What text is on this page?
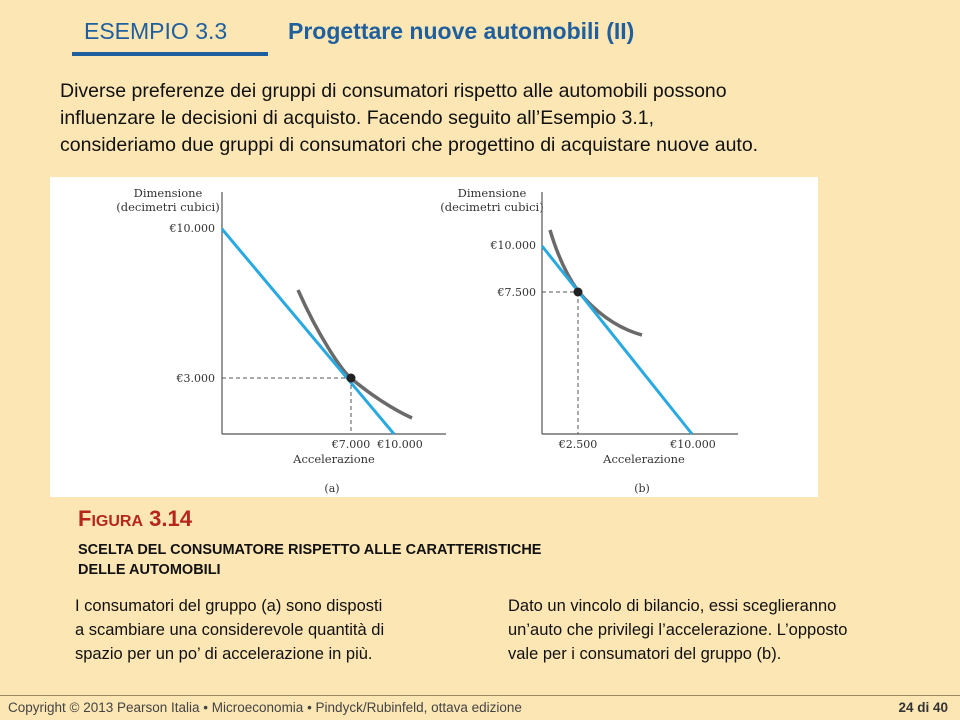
ESEMPIO 3.3	Progettare nuove automobili (II)
Diverse preferenze dei gruppi di consumatori rispetto alle automobili possono
influenzare le decisioni di acquisto. Facendo seguito all’Esempio 3.1,
consideriamo due gruppi di consumatori che progettino di acquistare nuove auto.
Dimensione
(decimetri cubici)
€10.000
€3.000
€7.000 €10.000
Accelerazione
(a)
Dimensione
(decimetri cubici)
€10.000
€7.500
€2.500	€10.000
Accelerazione
(b)
FIGURA 3.14
SCELTA DEL CONSUMATORE RISPETTO ALLE CARATTERISTICHE
DELLE AUTOMOBILI
I consumatori del gruppo (a) sono disposti
a scambiare una considerevole quantità di
spazio per un po’ di accelerazione in più.
Dato un vincolo di bilancio, essi sceglieranno
un’auto che privilegi l’accelerazione. L’opposto
vale per i consumatori del gruppo (b).
Copyright © 2013 Pearson Italia • Microeconomia • Pindyck/Rubinfeld, ottava edizione	24 di 40
